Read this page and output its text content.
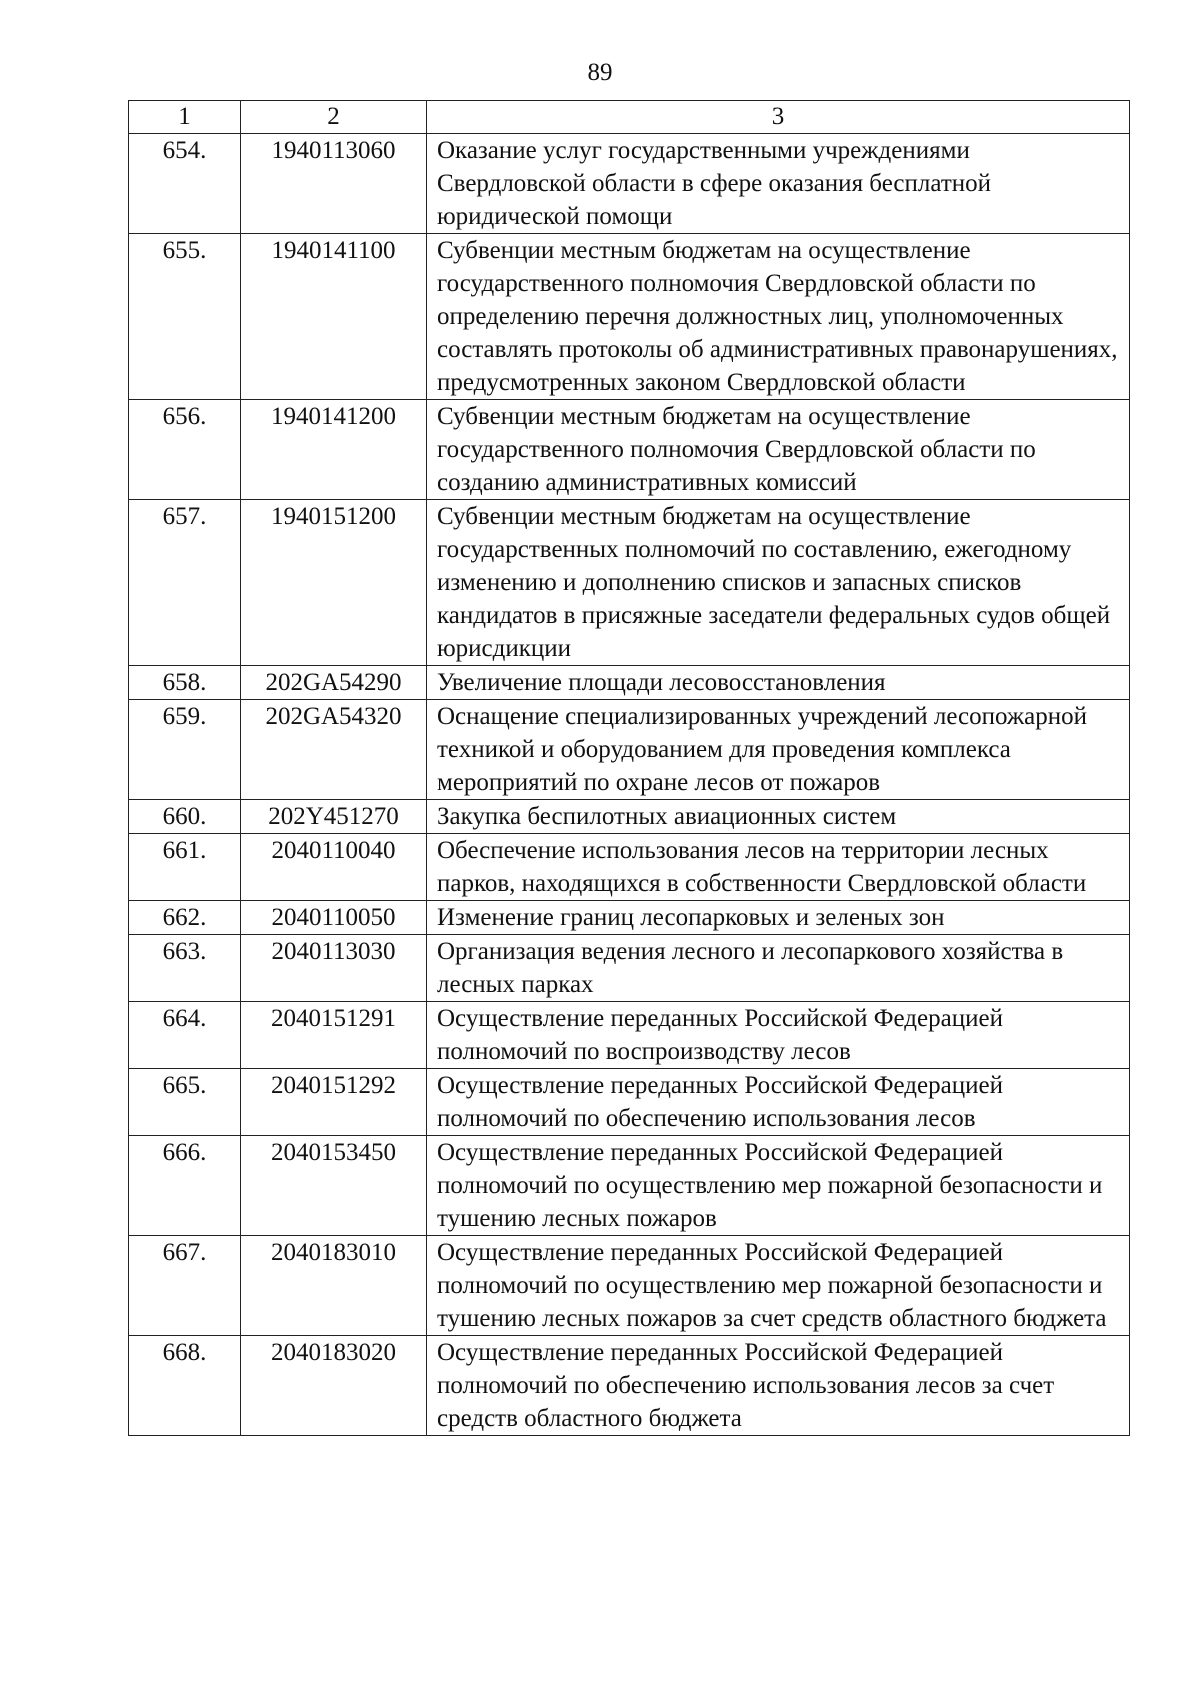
89
1	2	3
654.	1940113060	Оказание услуг государственными учреждениями Свердловской области в сфере оказания бесплатной юридической помощи
655.	1940141100	Субвенции местным бюджетам на осуществление государственного полномочия Свердловской области по определению перечня должностных лиц, уполномоченных составлять протоколы об административных правонарушениях, предусмотренных законом Свердловской области
656.	1940141200	Субвенции местным бюджетам на осуществление государственного полномочия Свердловской области по созданию административных комиссий
657.	1940151200	Субвенции местным бюджетам на осуществление государственных полномочий по составлению, ежегодному изменению и дополнению списков и запасных списков кандидатов в присяжные заседатели федеральных судов общей юрисдикции
658.	202GA54290	Увеличение площади лесовосстановления
659.	202GA54320	Оснащение специализированных учреждений лесопожарной техникой и оборудованием для проведения комплекса мероприятий по охране лесов от пожаров
660.	202Y451270	Закупка беспилотных авиационных систем
661.	2040110040	Обеспечение использования лесов на территории лесных парков, находящихся в собственности Свердловской области
662.	2040110050	Изменение границ лесопарковых и зеленых зон
663.	2040113030	Организация ведения лесного и лесопаркового хозяйства в лесных парках
664.	2040151291	Осуществление переданных Российской Федерацией полномочий по воспроизводству лесов
665.	2040151292	Осуществление переданных Российской Федерацией полномочий по обеспечению использования лесов
666.	2040153450	Осуществление переданных Российской Федерацией полномочий по осуществлению мер пожарной безопасности и тушению лесных пожаров
667.	2040183010	Осуществление переданных Российской Федерацией полномочий по осуществлению мер пожарной безопасности и тушению лесных пожаров за счет средств областного бюджета
668.	2040183020	Осуществление переданных Российской Федерацией полномочий по обеспечению использования лесов за счет средств областного бюджета
